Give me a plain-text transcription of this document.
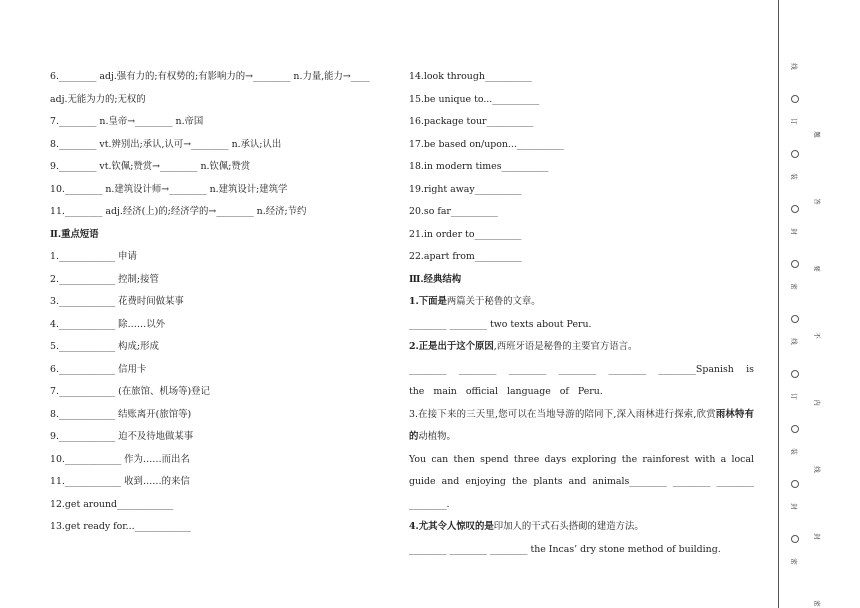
6.________ adj.强有力的;有权势的;有影响力的→________ n.力量,能力→____
adj.无能为力的;无权的
7.________ n.皇帝→________ n.帝国
8.________ vt.辨别出;承认,认可→________ n.承认;认出
9.________ vt.钦佩;赞赏→________ n.钦佩;赞赏
10.________ n.建筑设计师→________ n.建筑设计;建筑学
11.________ adj.经济(上)的;经济学的→________ n.经济;节约
Ⅱ.重点短语
1.____________ 申请
2.____________ 控制;接管
3.____________ 花费时间做某事
4.____________ 除……以外
5.____________ 构成;形成
6.____________ 信用卡
7.____________ (在旅馆、机场等)登记
8.____________ 结账离开(旅馆等)
9.____________ 迫不及待地做某事
10.____________ 作为……而出名
11.____________ 收到……的来信
12.get around____________
13.get ready for...____________
14.look through__________
15.be unique to...__________
16.package tour__________
17.be based on/upon...__________
18.in modern times__________
19.right away__________
20.so far__________
21.in order to__________
22.apart from__________
Ⅲ.经典结构
1.下面是两篇关于秘鲁的文章。
________ ________ two texts about Peru.
2.正是出于这个原因,西班牙语是秘鲁的主要官方语言。
________ ________ ________ ________ ________ ________Spanish is the main official language of Peru.
3.在接下来的三天里,您可以在当地导游的陪同下,深入雨林进行探索,欣赏雨林特有的动植物。
You can then spend three days exploring the rainforest with a local guide and enjoying the plants and animals________ ________ ________ ________.
4.尤其令人惊叹的是印加人的干式石头搭砌的建造方法。
________ ________ ________ the Incas’ dry stone method of building.
线
订
装
封
密
线
订
装
封
密
题
答
要
不
内
线
封
密
